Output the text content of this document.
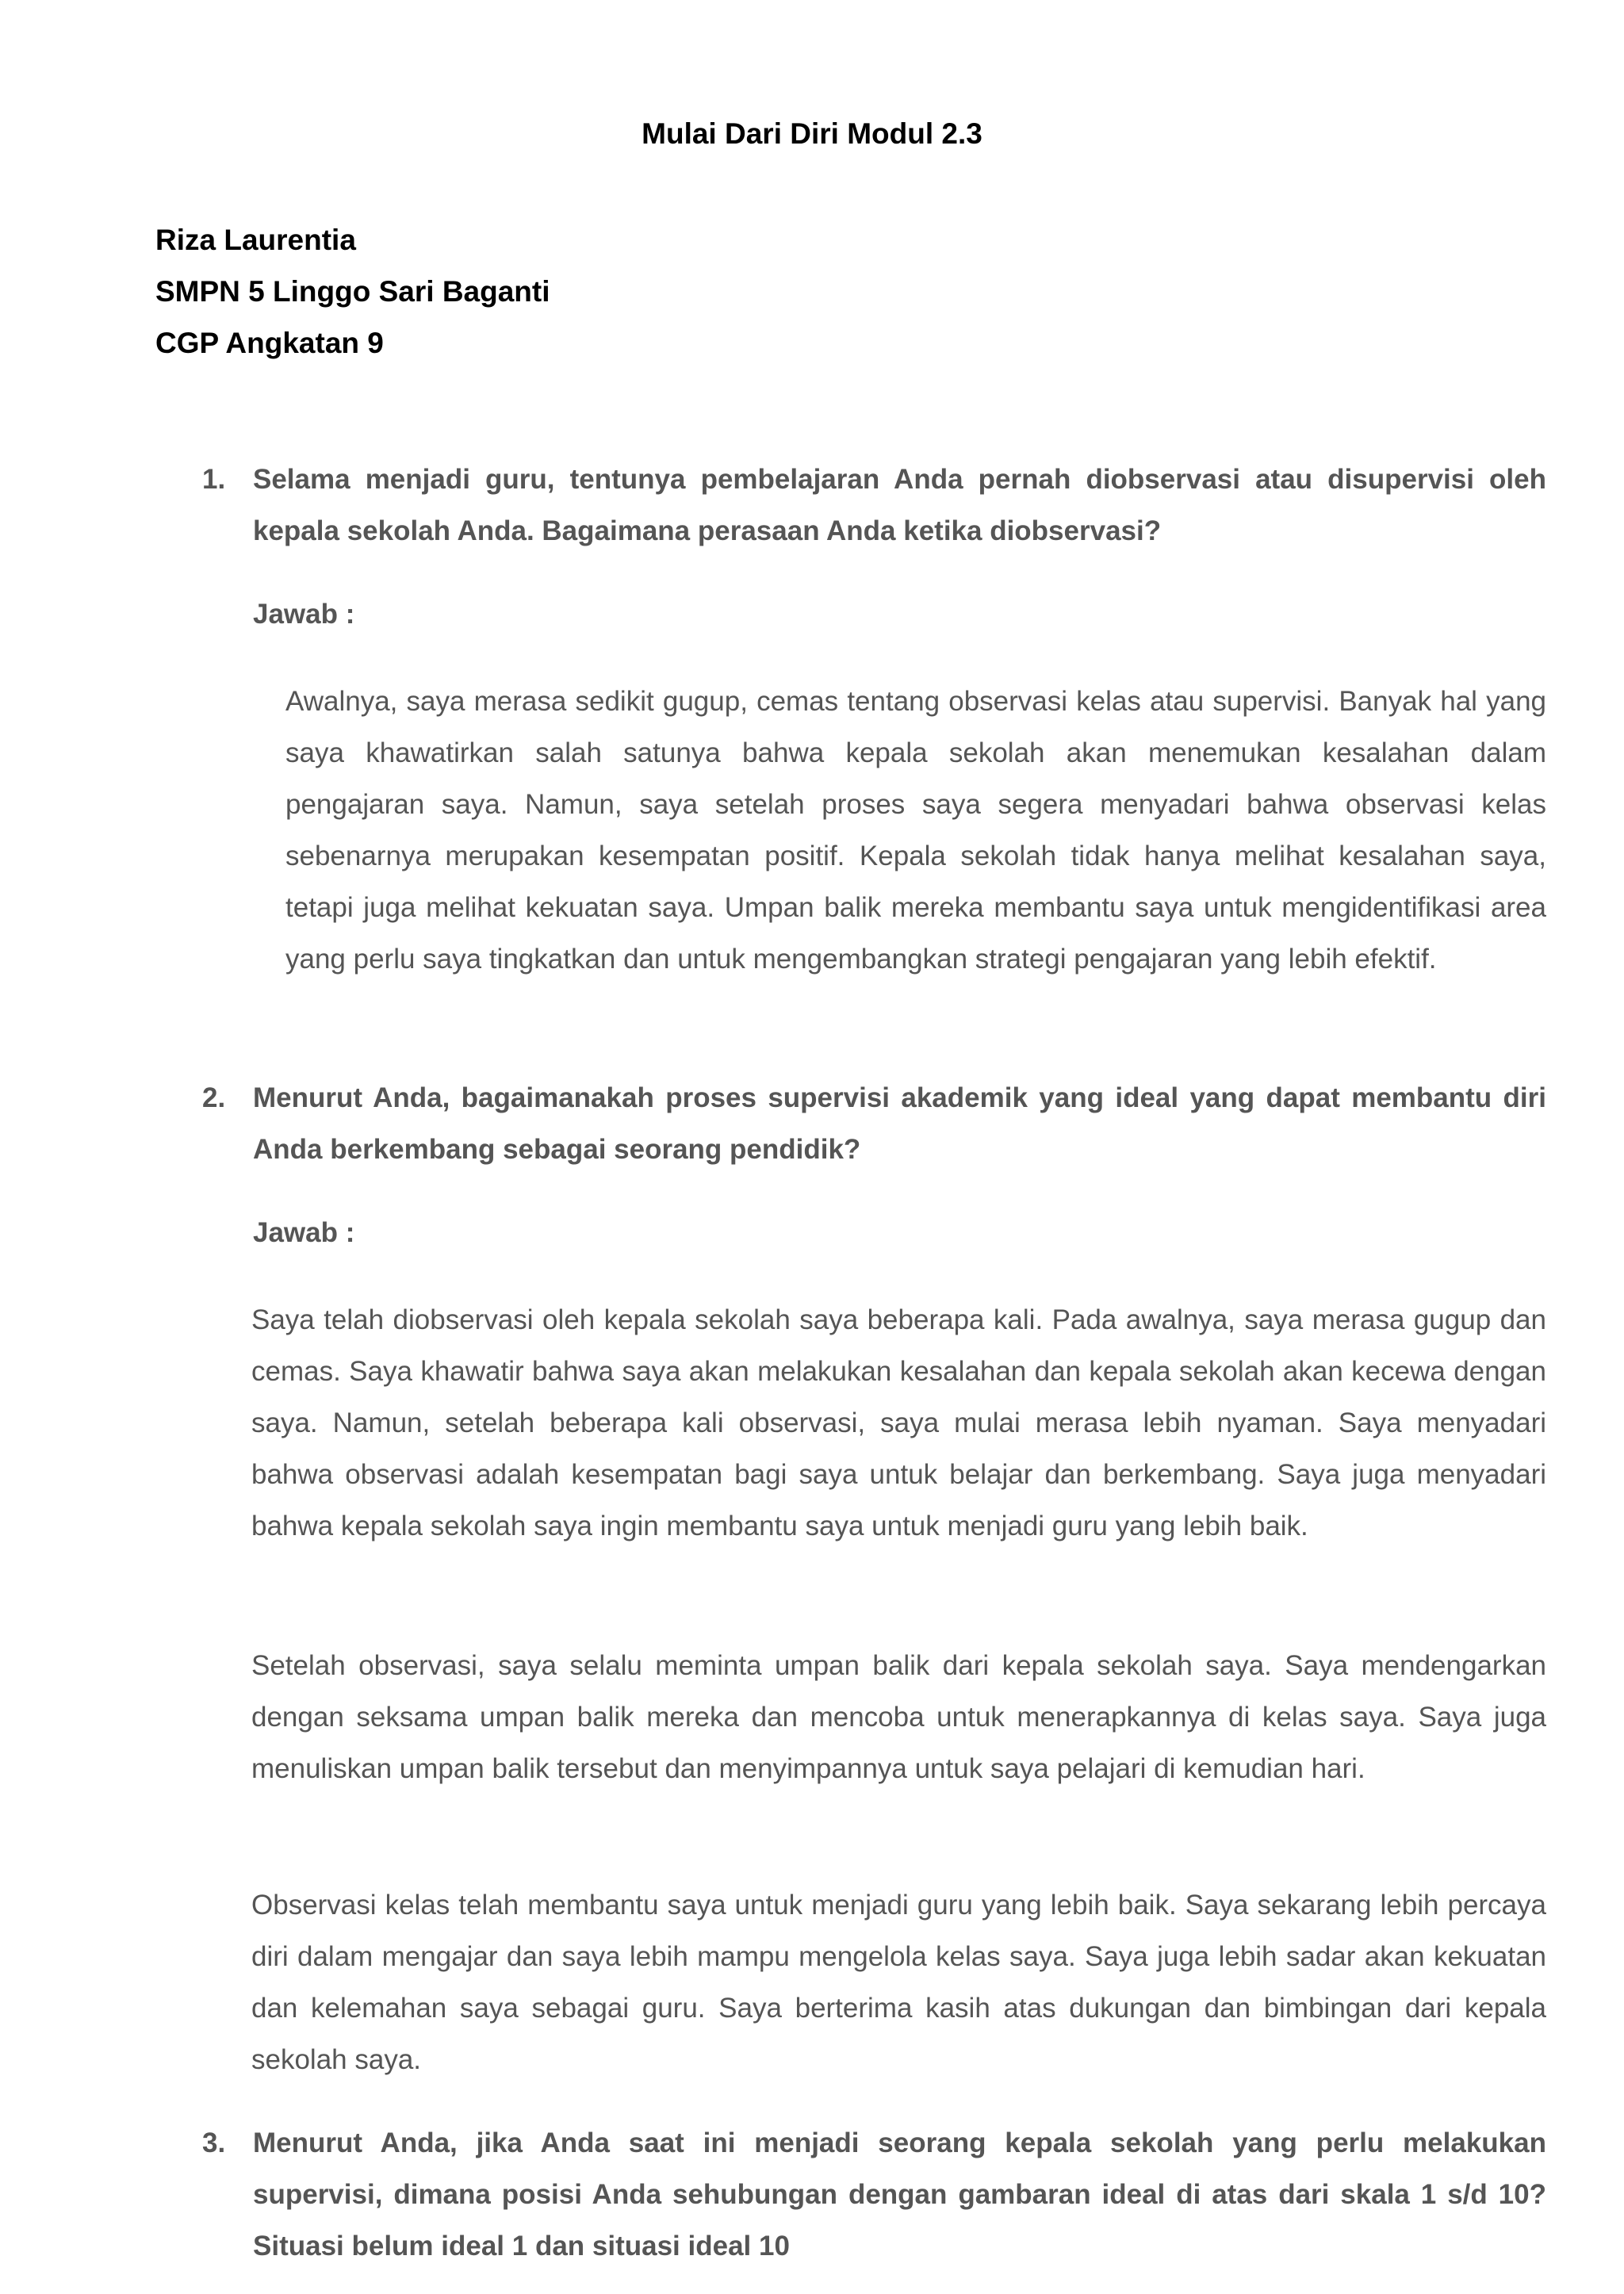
Mulai Dari Diri Modul 2.3
Riza Laurentia
SMPN 5 Linggo Sari Baganti
CGP Angkatan 9
1. Selama menjadi guru, tentunya pembelajaran Anda pernah diobservasi atau disupervisi oleh kepala sekolah Anda. Bagaimana perasaan Anda ketika diobservasi?
Jawab :
Awalnya, saya merasa sedikit gugup, cemas tentang observasi kelas atau supervisi. Banyak hal yang saya khawatirkan salah satunya bahwa kepala sekolah akan menemukan kesalahan dalam pengajaran saya. Namun, saya setelah proses saya segera menyadari bahwa observasi kelas sebenarnya merupakan kesempatan positif. Kepala sekolah tidak hanya melihat kesalahan saya, tetapi juga melihat kekuatan saya. Umpan balik mereka membantu saya untuk mengidentifikasi area yang perlu saya tingkatkan dan untuk mengembangkan strategi pengajaran yang lebih efektif.
2. Menurut Anda, bagaimanakah proses supervisi akademik yang ideal yang dapat membantu diri Anda berkembang sebagai seorang pendidik?
Jawab :
Saya telah diobservasi oleh kepala sekolah saya beberapa kali. Pada awalnya, saya merasa gugup dan cemas. Saya khawatir bahwa saya akan melakukan kesalahan dan kepala sekolah akan kecewa dengan saya. Namun, setelah beberapa kali observasi, saya mulai merasa lebih nyaman. Saya menyadari bahwa observasi adalah kesempatan bagi saya untuk belajar dan berkembang. Saya juga menyadari bahwa kepala sekolah saya ingin membantu saya untuk menjadi guru yang lebih baik.
Setelah observasi, saya selalu meminta umpan balik dari kepala sekolah saya. Saya mendengarkan dengan seksama umpan balik mereka dan mencoba untuk menerapkannya di kelas saya. Saya juga menuliskan umpan balik tersebut dan menyimpannya untuk saya pelajari di kemudian hari.
Observasi kelas telah membantu saya untuk menjadi guru yang lebih baik. Saya sekarang lebih percaya diri dalam mengajar dan saya lebih mampu mengelola kelas saya. Saya juga lebih sadar akan kekuatan dan kelemahan saya sebagai guru. Saya berterima kasih atas dukungan dan bimbingan dari kepala sekolah saya.
3. Menurut Anda, jika Anda saat ini menjadi seorang kepala sekolah yang perlu melakukan supervisi, dimana posisi Anda sehubungan dengan gambaran ideal di atas dari skala 1 s/d 10? Situasi belum ideal 1 dan situasi ideal 10
